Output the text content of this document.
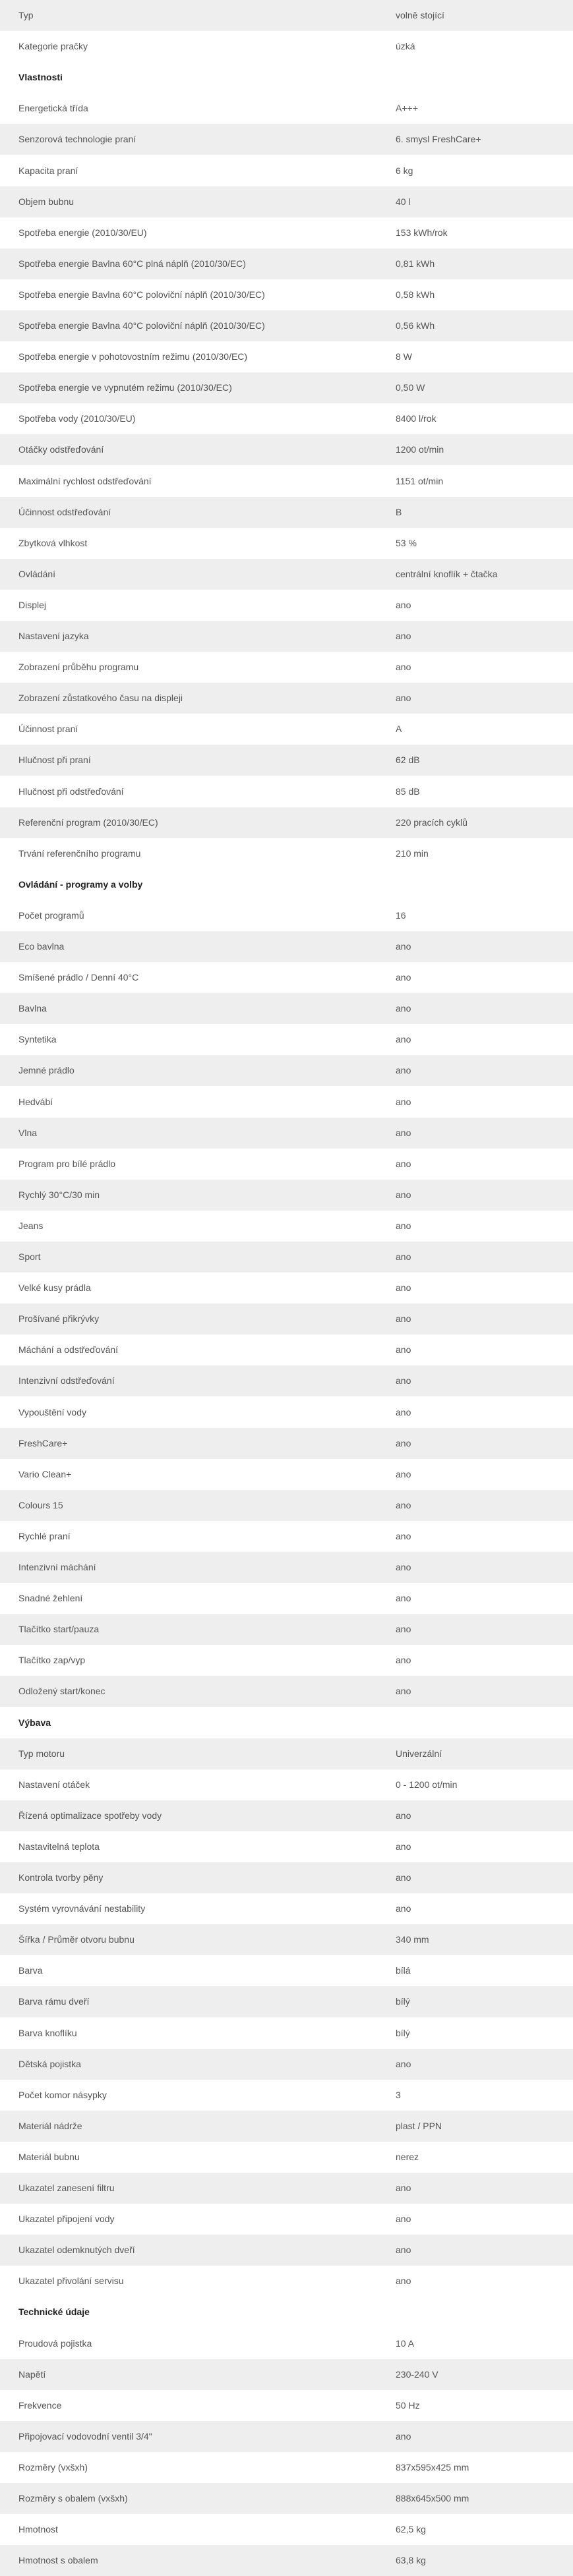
Typ	volně stojící
Kategorie pračky	úzká
Vlastnosti
Energetická třída	A+++
Senzorová technologie praní	6. smysl FreshCare+
Kapacita praní	6 kg
Objem bubnu	40 l
Spotřeba energie (2010/30/EU)	153 kWh/rok
Spotřeba energie Bavlna 60°C plná náplň (2010/30/EC)	0,81 kWh
Spotřeba energie Bavlna 60°C poloviční náplň (2010/30/EC)	0,58 kWh
Spotřeba energie Bavlna 40°C poloviční náplň (2010/30/EC)	0,56 kWh
Spotřeba energie v pohotovostním režimu (2010/30/EC)	8 W
Spotřeba energie ve vypnutém režimu (2010/30/EC)	0,50 W
Spotřeba vody (2010/30/EU)	8400 l/rok
Otáčky odstřeďování	1200 ot/min
Maximální rychlost odstřeďování	1151 ot/min
Účinnost odstřeďování	B
Zbytková vlhkost	53 %
Ovládání	centrální knoflík + čtačka
Displej	ano
Nastavení jazyka	ano
Zobrazení průběhu programu	ano
Zobrazení zůstatkového času na displeji	ano
Účinnost praní	A
Hlučnost při praní	62 dB
Hlučnost při odstřeďování	85 dB
Referenční program (2010/30/EC)	220 pracích cyklů
Trvání referenčního programu	210 min
Ovládání - programy a volby
Počet programů	16
Eco bavlna	ano
Smíšené prádlo / Denní 40°C	ano
Bavlna	ano
Syntetika	ano
Jemné prádlo	ano
Hedvábí	ano
Vlna	ano
Program pro bílé prádlo	ano
Rychlý 30°C/30 min	ano
Jeans	ano
Sport	ano
Velké kusy prádla	ano
Prošívané přikrývky	ano
Máchání a odstřeďování	ano
Intenzivní odstřeďování	ano
Vypouštění vody	ano
FreshCare+	ano
Vario Clean+	ano
Colours 15	ano
Rychlé praní	ano
Intenzivní máchání	ano
Snadné žehlení	ano
Tlačítko start/pauza	ano
Tlačítko zap/vyp	ano
Odložený start/konec	ano
Výbava
Typ motoru	Univerzální
Nastavení otáček	0 - 1200 ot/min
Řízená optimalizace spotřeby vody	ano
Nastavitelná teplota	ano
Kontrola tvorby pěny	ano
Systém vyrovnávání nestability	ano
Šířka / Průměr otvoru bubnu	340 mm
Barva	bílá
Barva rámu dveří	bílý
Barva knoflíku	bílý
Dětská pojistka	ano
Počet komor násypky	3
Materiál nádrže	plast / PPN
Materiál bubnu	nerez
Ukazatel zanesení filtru	ano
Ukazatel připojení vody	ano
Ukazatel odemknutých dveří	ano
Ukazatel přivolání servisu	ano
Technické údaje
Proudová pojistka	10 A
Napětí	230-240 V
Frekvence	50 Hz
Připojovací vodovodní ventil 3/4"	ano
Rozměry (vxšxh)	837x595x425 mm
Rozměry s obalem (vxšxh)	888x645x500 mm
Hmotnost	62,5 kg
Hmotnost s obalem	63,8 kg
